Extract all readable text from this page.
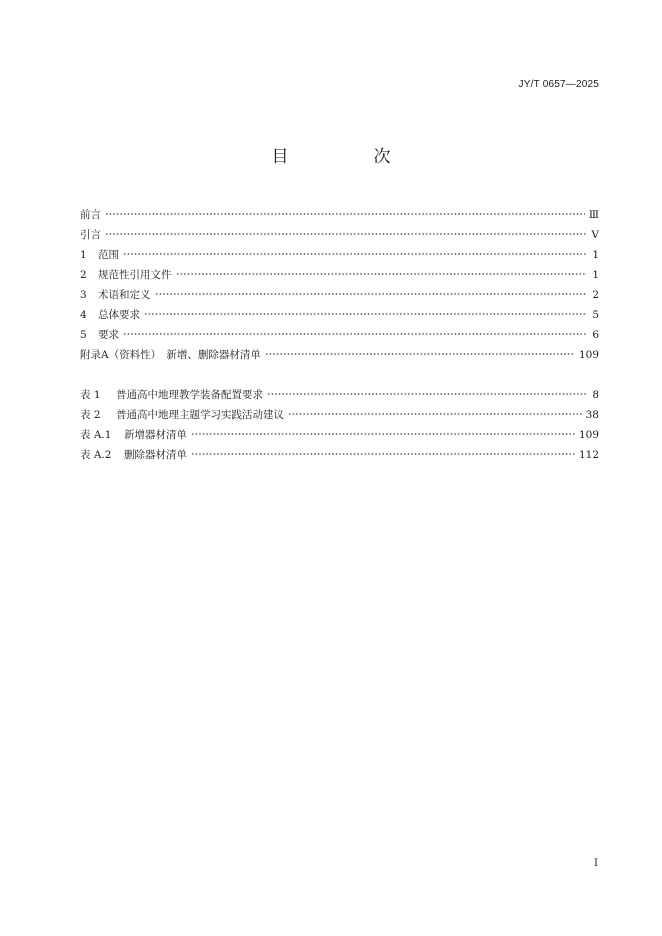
JY/T 0657—2025
目　次
前言	Ⅲ
引言	Ⅴ
1	范围	1
2	规范性引用文件	1
3	术语和定义	2
4	总体要求	5
5	要求	6
附录A（资料性）　新增、删除器材清单	109
表 1	普通高中地理教学装备配置要求	8
表 2	普通高中地理主题学习实践活动建议	38
表 A.1	新增器材清单	109
表 A.2	删除器材清单	112
I
